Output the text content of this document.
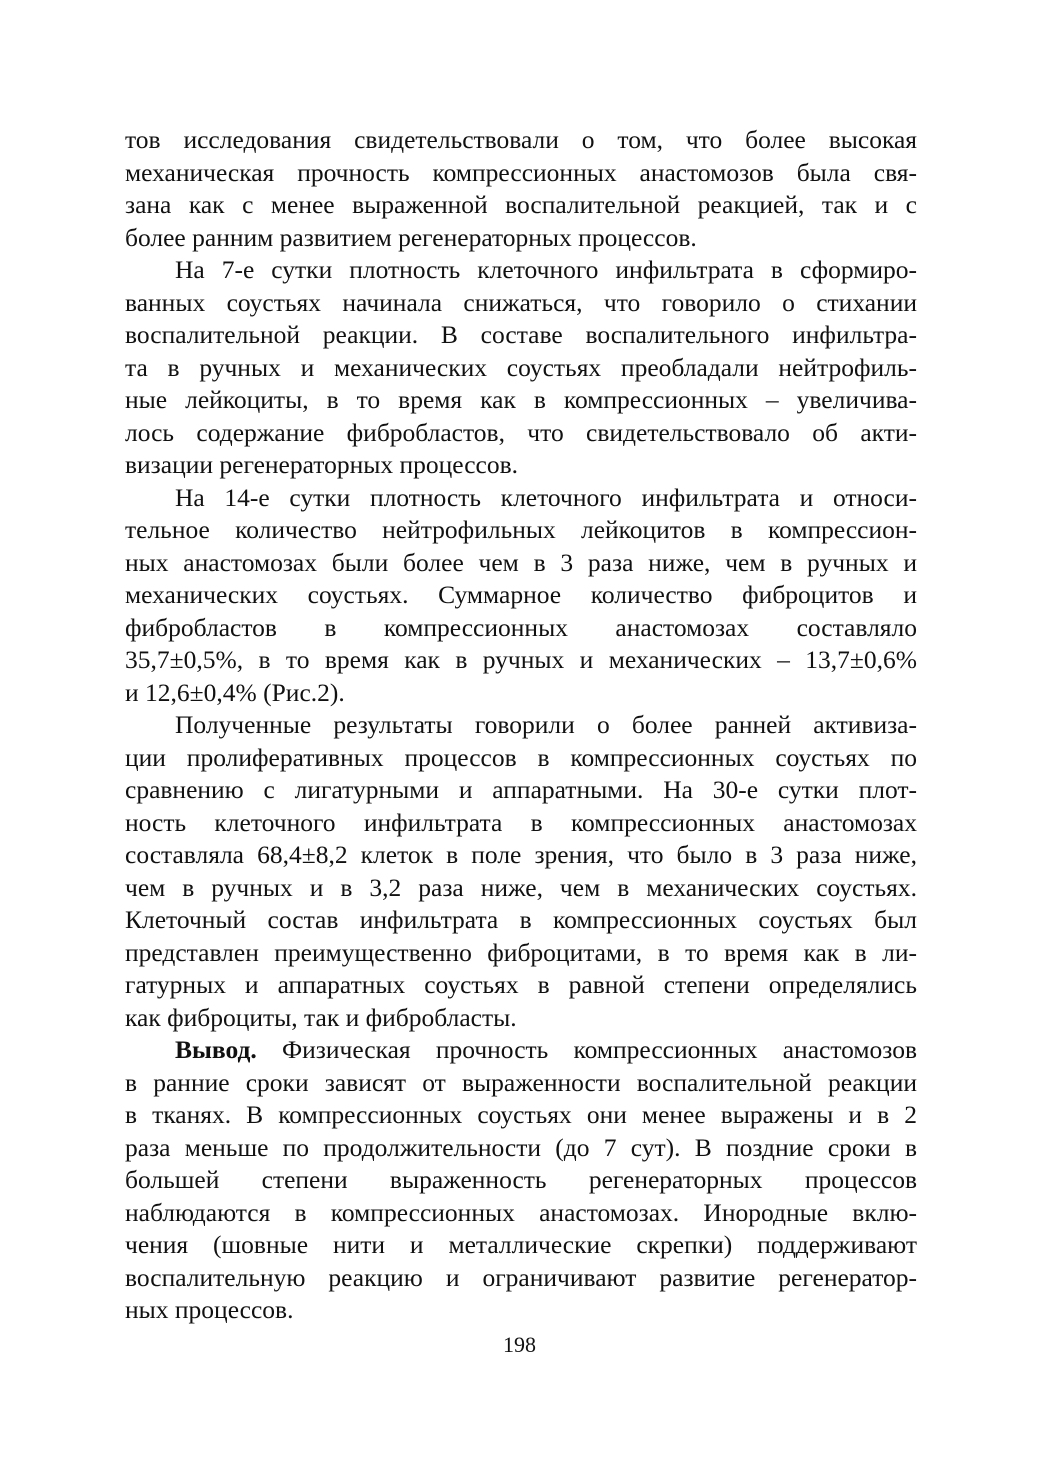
тов исследования свидетельствовали о том, что более высокая
механическая прочность компрессионных анастомозов была свя-
зана как с менее выраженной воспалительной реакцией, так и с
более ранним развитием регенераторных процессов.

На 7-е сутки плотность клеточного инфильтрата в сформиро-
ванных соустьях начинала снижаться, что говорило о стихании
воспалительной реакции. В составе воспалительного инфильтра-
та в ручных и механических соустьях преобладали нейтрофиль-
ные лейкоциты, в то время как в компрессионных – увеличива-
лось содержание фибробластов, что свидетельствовало об акти-
визации регенераторных процессов.

На 14-е сутки плотность клеточного инфильтрата и относи-
тельное количество нейтрофильных лейкоцитов в компрессион-
ных анастомозах были более чем в 3 раза ниже, чем в ручных и
механических соустьях. Суммарное количество фиброцитов и
фибробластов в компрессионных анастомозах составляло
35,7±0,5%, в то время как в ручных и механических – 13,7±0,6%
и 12,6±0,4% (Рис.2).

Полученные результаты говорили о более ранней активиза-
ции пролиферативных процессов в компрессионных соустьях по
сравнению с лигатурными и аппаратными. На 30-е сутки плот-
ность клеточного инфильтрата в компрессионных анастомозах
составляла 68,4±8,2 клеток в поле зрения, что было в 3 раза ниже,
чем в ручных и в 3,2 раза ниже, чем в механических соустьях.
Клеточный состав инфильтрата в компрессионных соустьях был
представлен преимущественно фиброцитами, в то время как в ли-
гатурных и аппаратных соустьях в равной степени определялись
как фиброциты, так и фибробласты.

Вывод. Физическая прочность компрессионных анастомозов
в ранние сроки зависят от выраженности воспалительной реакции
в тканях. В компрессионных соустьях они менее выражены и в 2
раза меньше по продолжительности (до 7 сут). В поздние сроки в
большей степени выраженность регенераторных процессов
наблюдаются в компрессионных анастомозах. Инородные вклю-
чения (шовные нити и металлические скрепки) поддерживают
воспалительную реакцию и ограничивают развитие регенератор-
ных процессов.

198
